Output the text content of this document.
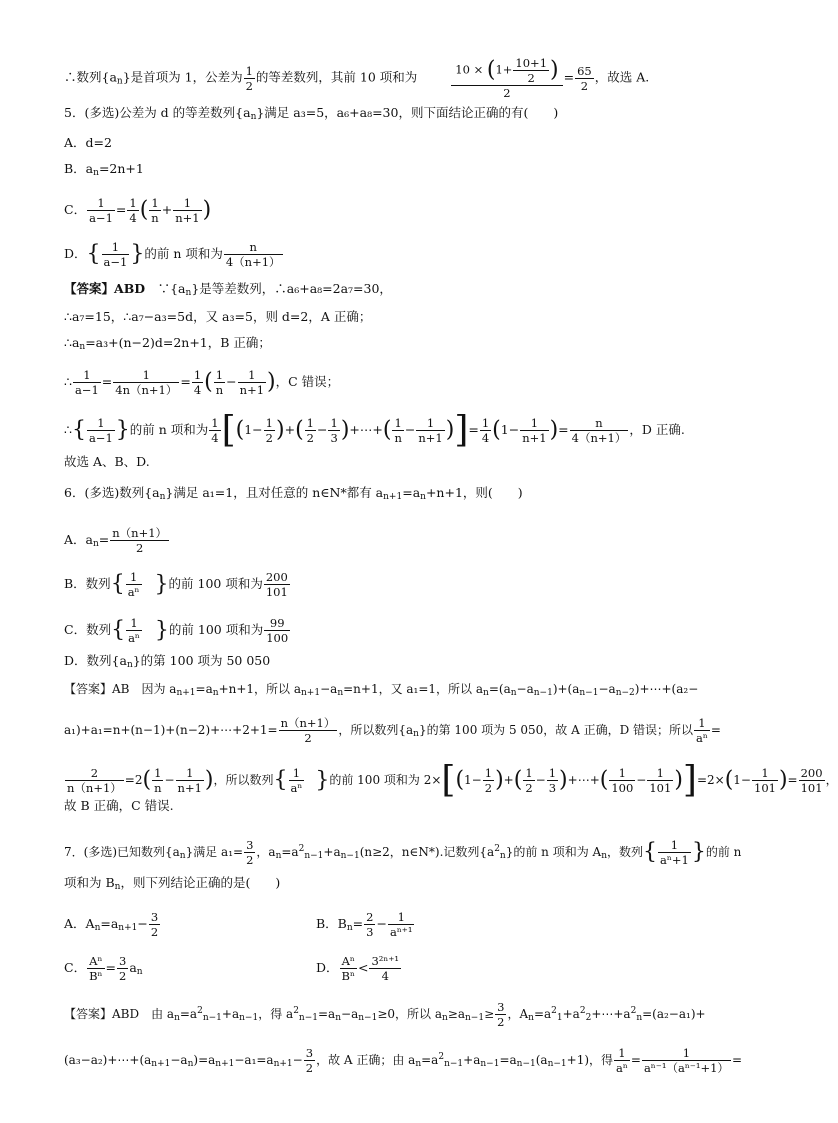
∴数列$\{a_n\}$是首项为 1，公差为 $\frac{1}{2}$ 的等差数列，其前 10 项和为	$\frac{10 \times (1+ \frac{10+1}{2} )}{2} = \frac{65}{2}$ ，故选 A.
5．(多选)公差为 d 的等差数列$\{a_n\}$满足 a₃=5，a₆+a₈=30，则下面结论正确的有(　　)
A．d=2
B．$a_n=2n+1$
C． $\frac{1}{a-1} = \frac{1}{4}$ ( $\frac{1}{n} + \frac{1}{n+1}$ )
D．{ $\frac{1}{a-1}$ }的前 n 项和为 $\frac{n}{4(n+1)}$
【答案】ABD　$\because\{a_n\}$是等差数列，∴a₆+a₈=2a₇=30，
∴a₇=15，∴a₇−a₃=5d，又 a₃=5，则 d=2，A 正确；
$\therefore a_n=a_3+(n-2)d=2n+1$，B 正确；
∴ $\frac{1}{a-1} = \frac{1}{4n(n+1)} = \frac{1}{4}$ ( $\frac{1}{n} - \frac{1}{n+1}$ )，C 错误；
∴{ $\frac{1}{a-1}$ }的前 n 项和为 $\frac{1}{4} [(1- \frac{1}{2}$ )+( $\frac{1}{2} - \frac{1}{3}$ )+⋯+( $\frac{1}{n} - \frac{1}{n+1}$ )]= $\frac{1}{4} (1- \frac{1}{n+1}$ )= $\frac{n}{4(n+1)}$ ，D 正确.
故选 A、B、D.
6．(多选)数列$\{a_n\}$满足 a₁=1，且对任意的 n∈N*都有 $a_{n+1}=a_n+n+1$，则(　　)
A．$a_n= \frac{n(n+1)}{2}$
B．数列{ $\frac{1}{\text{aⁿ}}$ }的前 100 项和为 $\frac{200}{101}$
C．数列{ $\frac{1}{\text{aⁿ}}$ }的前 100 项和为 $\frac{99}{100}$
D．数列$\{a_n\}$的第 100 项为 50 050
【答案】AB　因为 $a_{n+1}=a_n+n+1$，所以 $a_{n+1}-a_n=n+1$，又 a₁=1，所以 $a_n=(a_n-a_{n-1})+(a_{n-1}-a_{n-2})+\cdots+(a_2-$
a₁)+a₁=n+(n−1)+(n−2)+⋯+2+1= $\frac{n(n+1)}{2}$ ，所以数列$\{a_n\}$的第 100 项为 5 050，故 A 正确，D 错误；所以 $\frac{1}{\text{aⁿ}}$ =
$\frac{2}{n(n+1)} =2( \frac{1}{n} - \frac{1}{n+1}$ )，所以数列{ $\frac{1}{\text{aⁿ}}$ }的前 100 项和为 $2\times[(1- \frac{1}{2}$ )+( $\frac{1}{2} - \frac{1}{3}$ )+⋯+( $\frac{1}{100} - \frac{1}{101} )]=2\times(1- \frac{1}{101}$ )= $\frac{200}{101}$ ，
故 B 正确，C 错误.
7．(多选)已知数列$\{a_n\}$满足 $a_1= \frac{3}{2}$ ，$a_n=a^2_{n-1}+a_{n-1}(n\ge 2$，n∈N*).记数列$\{a^2_n\}$的前 n 项和为 $A_n$，数列{ $\frac{1}{\text{aⁿ+1}}$ }的前 n
项和为 $B_n$，则下列结论正确的是(　　)
A．$A_n=a_{n+1}- \frac{3}{2}$	B．$B_n= \frac{2}{3} - \frac{1}{\text{aⁿ⁺¹}}$
C． $\frac{\text{Aⁿ}}{\text{Bⁿ}} = \frac{3}{2} a_n$	D． $\frac{\text{Aⁿ}}{\text{Bⁿ}} < \frac{\text{3²ⁿ⁺¹}}{4}$
【答案】ABD　由 $a_n=a^2_{n-1}+a_{n-1}$，得 $a^2_{n-1}=a_n-a_{n-1}\ge 0$，所以 $a_n\ge a_{n-1}\ge \frac{3}{2}$ ，$A_n=a^2_1+a^2_2+\cdots+a^2_n=(a_2-a_1)+$
$(a_3-a_2)+\cdots+(a_{n+1}-a_n)=a_{n+1}-a_1=a_{n+1}- \frac{3}{2}$ ，故 A 正确；由 $a_n=a^2_{n-1}+a_{n-1}=a_{n-1}(a_{n-1}+1)$，得 $\frac{1}{\text{aⁿ}} = \frac{1}{\text{aⁿ⁻¹（aⁿ⁻¹+1）}}$ =
